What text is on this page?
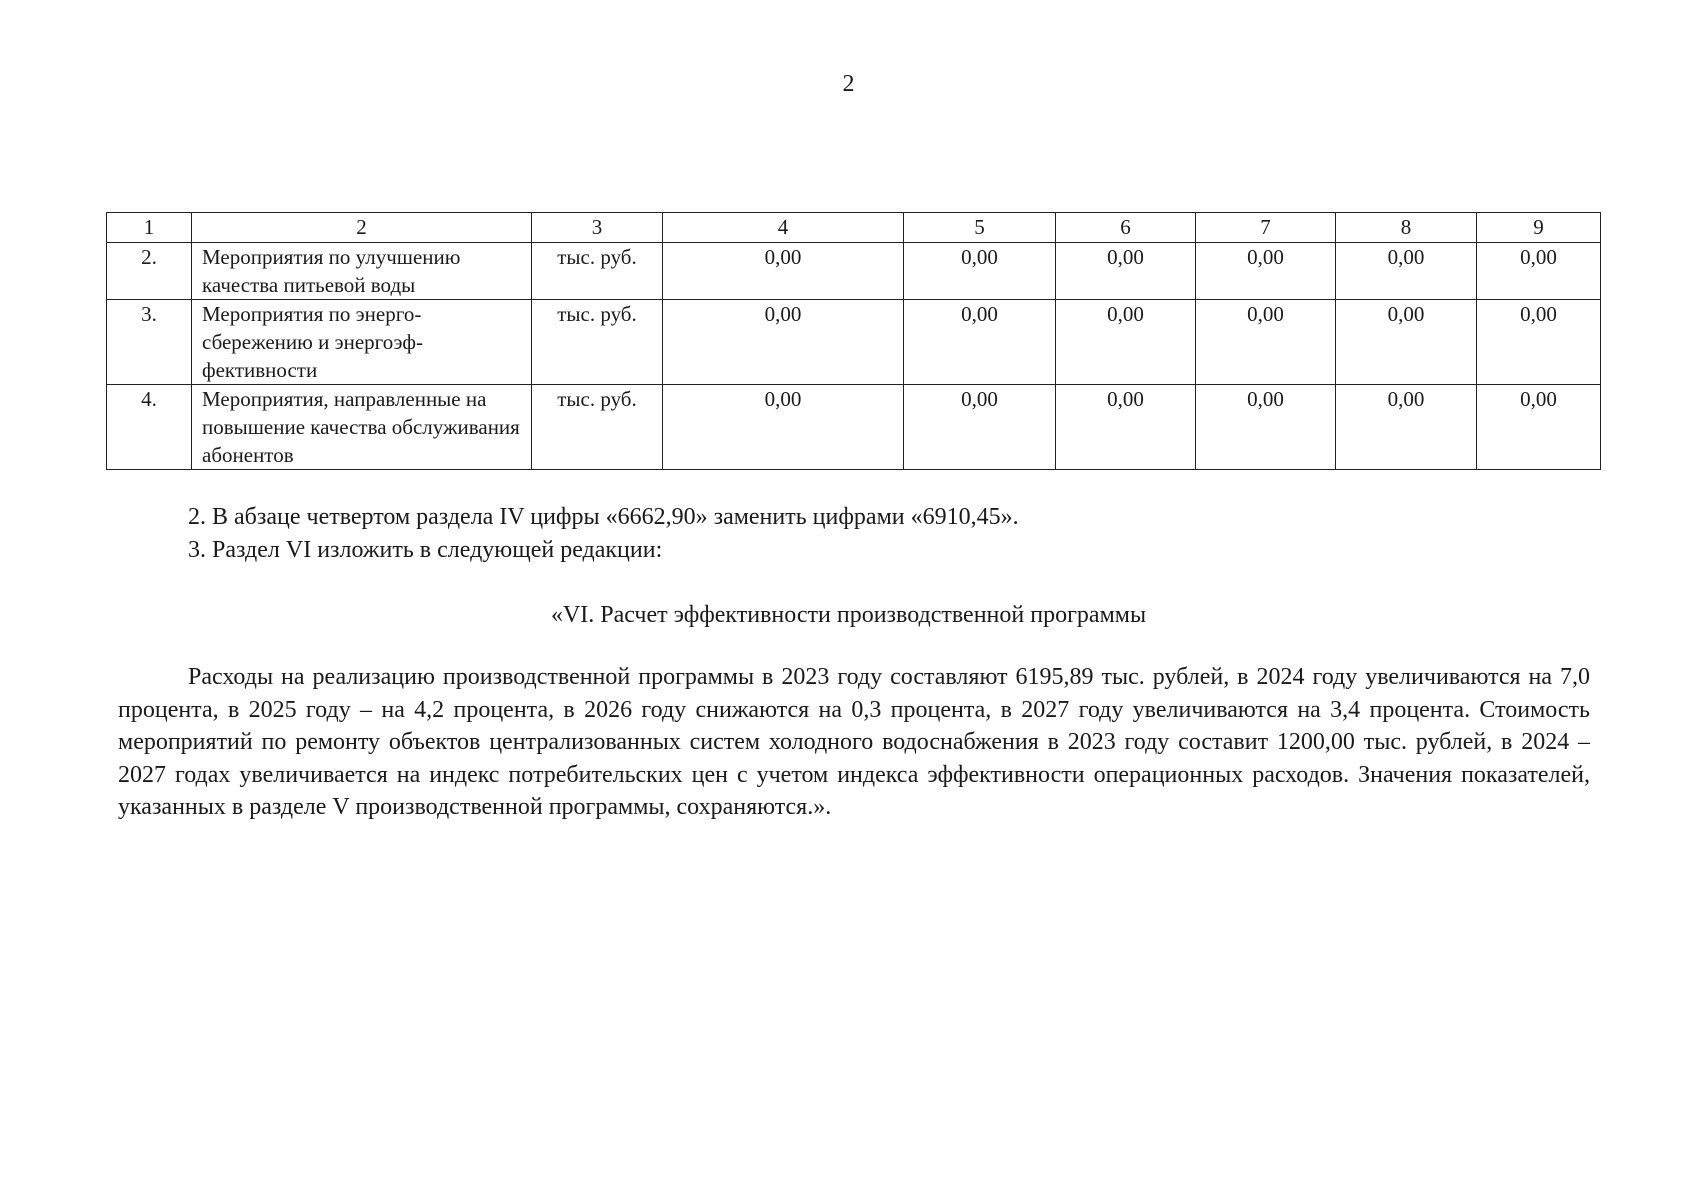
2
1	2	3	4	5	6	7	8	9
2.	Мероприятия по улучшению качества питьевой воды	тыс. руб.	0,00	0,00	0,00	0,00	0,00	0,00
3.	Мероприятия по энерго-сбережению и энергоэф-фективности	тыс. руб.	0,00	0,00	0,00	0,00	0,00	0,00
4.	Мероприятия, направленные на повышение качества обслуживания абонентов	тыс. руб.	0,00	0,00	0,00	0,00	0,00	0,00
2. В абзаце четвертом раздела IV цифры «6662,90» заменить цифрами «6910,45».
3. Раздел VI изложить в следующей редакции:
«VI. Расчет эффективности производственной программы
Расходы на реализацию производственной программы в 2023 году составляют 6195,89 тыс. рублей, в 2024 году увеличиваются на 7,0 процента, в 2025 году – на 4,2 процента, в 2026 году снижаются на 0,3 процента, в 2027 году увеличиваются на 3,4 процента. Стоимость мероприятий по ремонту объектов централизованных систем холодного водоснабжения в 2023 году составит 1200,00 тыс. рублей, в 2024 – 2027 годах увеличивается на индекс потребительских цен с учетом индекса эффективности операционных расходов. Значения показателей, указанных в разделе V производственной программы, сохраняются.».
